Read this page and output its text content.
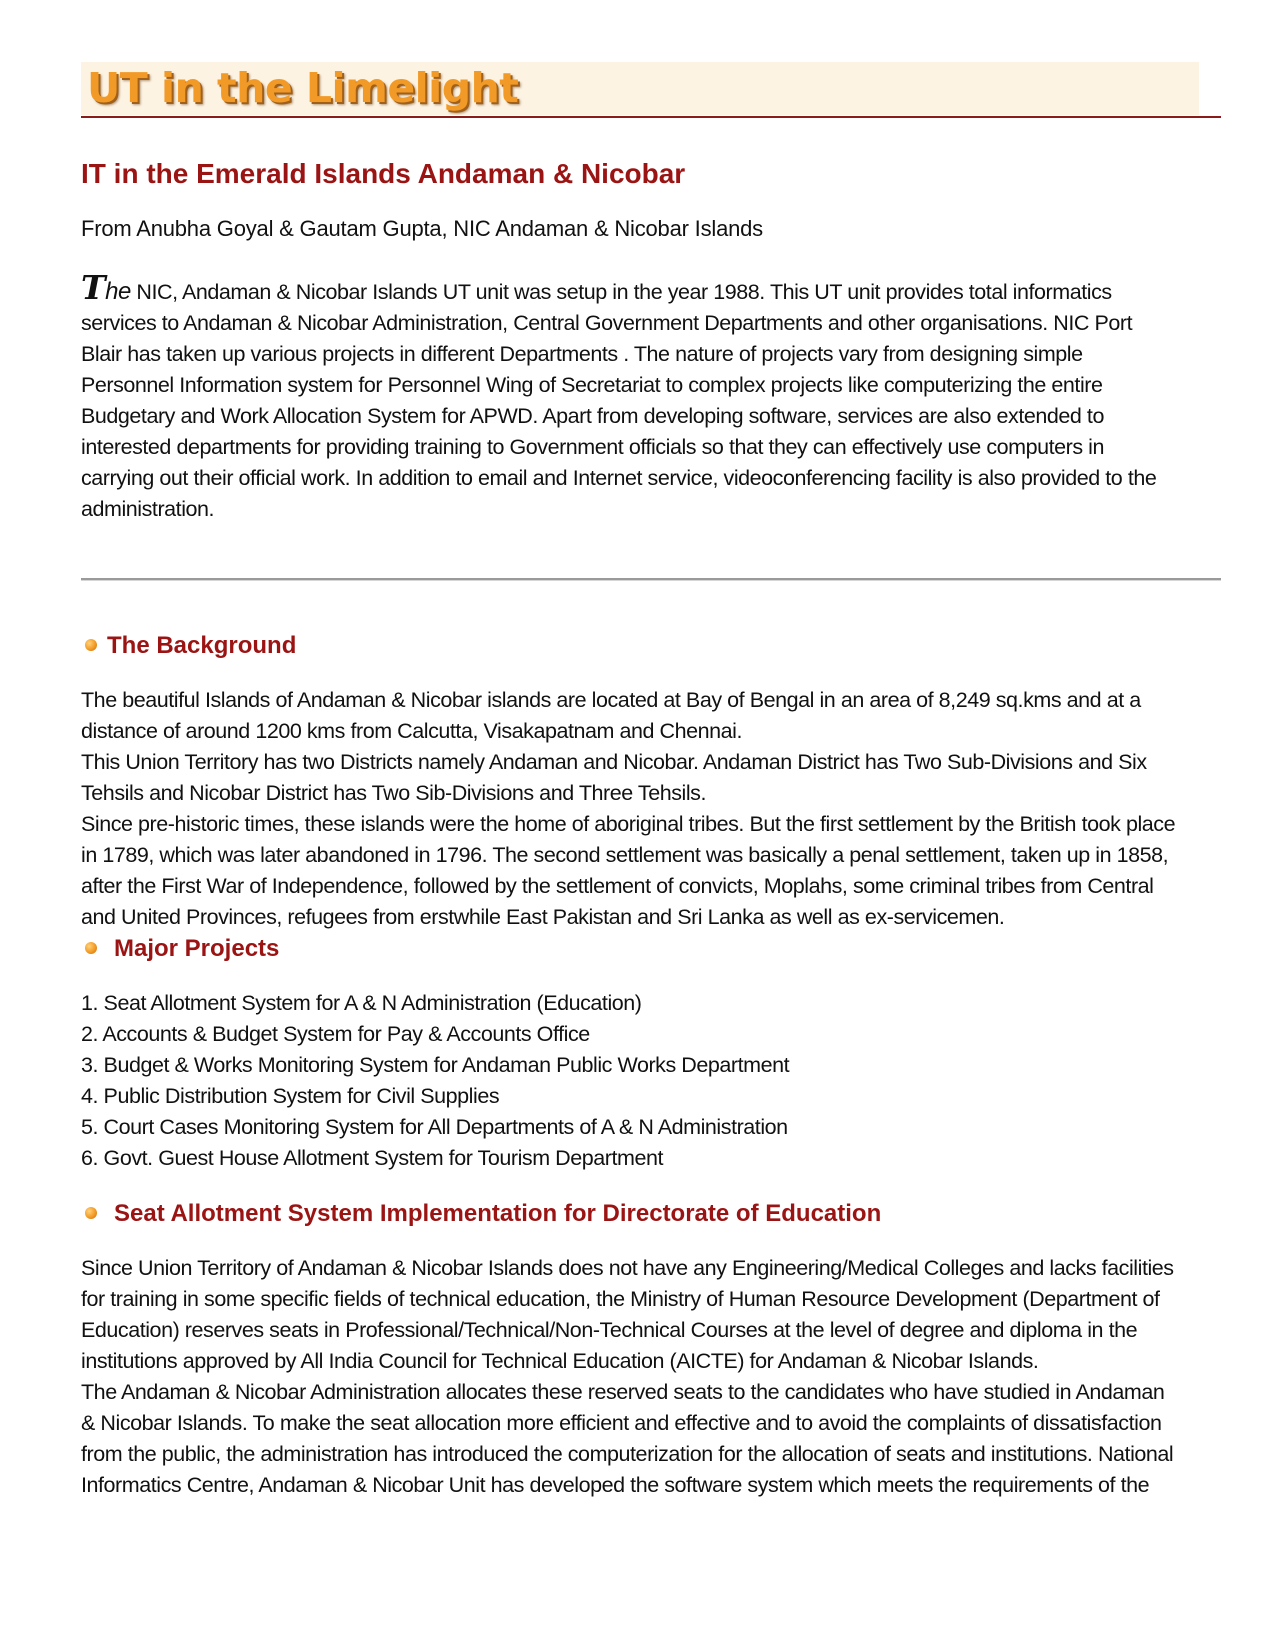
UT in the Limelight
IT in the Emerald Islands Andaman & Nicobar

From Anubha Goyal & Gautam Gupta, NIC Andaman & Nicobar Islands

The NIC, Andaman & Nicobar Islands UT unit was setup in the year 1988. This UT unit provides total informatics
services to Andaman & Nicobar Administration, Central Government Departments and other organisations. NIC Port
Blair has taken up various projects in different Departments . The nature of projects vary from designing simple
Personnel Information system for Personnel Wing of Secretariat to complex projects like computerizing the entire
Budgetary and Work Allocation System for APWD. Apart from developing software, services are also extended to
interested departments for providing training to Government officials so that they can effectively use computers in
carrying out their official work. In addition to email and Internet service, videoconferencing facility is also provided to the
administration.
The Background
The beautiful Islands of Andaman & Nicobar islands are located at Bay of Bengal in an area of 8,249 sq.kms and at a
distance of around 1200 kms from Calcutta, Visakapatnam and Chennai.
This Union Territory has two Districts namely Andaman and Nicobar. Andaman District has Two Sub-Divisions and Six
Tehsils and Nicobar District has Two Sib-Divisions and Three Tehsils.
Since pre-historic times, these islands were the home of aboriginal tribes. But the first settlement by the British took place
in 1789, which was later abandoned in 1796. The second settlement was basically a penal settlement, taken up in 1858,
after the First War of Independence, followed by the settlement of convicts, Moplahs, some criminal tribes from Central
and United Provinces, refugees from erstwhile East Pakistan and Sri Lanka as well as ex-servicemen.
Major Projects
1. Seat Allotment System for A & N Administration (Education)
2. Accounts & Budget System for Pay & Accounts Office
3. Budget & Works Monitoring System for Andaman Public Works Department
4. Public Distribution System for Civil Supplies
5. Court Cases Monitoring System for All Departments of A & N Administration
6. Govt. Guest House Allotment System for Tourism Department
Seat Allotment System Implementation for Directorate of Education
Since Union Territory of Andaman & Nicobar Islands does not have any Engineering/Medical Colleges and lacks facilities
for training in some specific fields of technical education, the Ministry of Human Resource Development (Department of
Education) reserves seats in Professional/Technical/Non-Technical Courses at the level of degree and diploma in the
institutions approved by All India Council for Technical Education (AICTE) for Andaman & Nicobar Islands.
The Andaman & Nicobar Administration allocates these reserved seats to the candidates who have studied in Andaman
& Nicobar Islands. To make the seat allocation more efficient and effective and to avoid the complaints of dissatisfaction
from the public, the administration has introduced the computerization for the allocation of seats and institutions. National
Informatics Centre, Andaman & Nicobar Unit has developed the software system which meets the requirements of the
